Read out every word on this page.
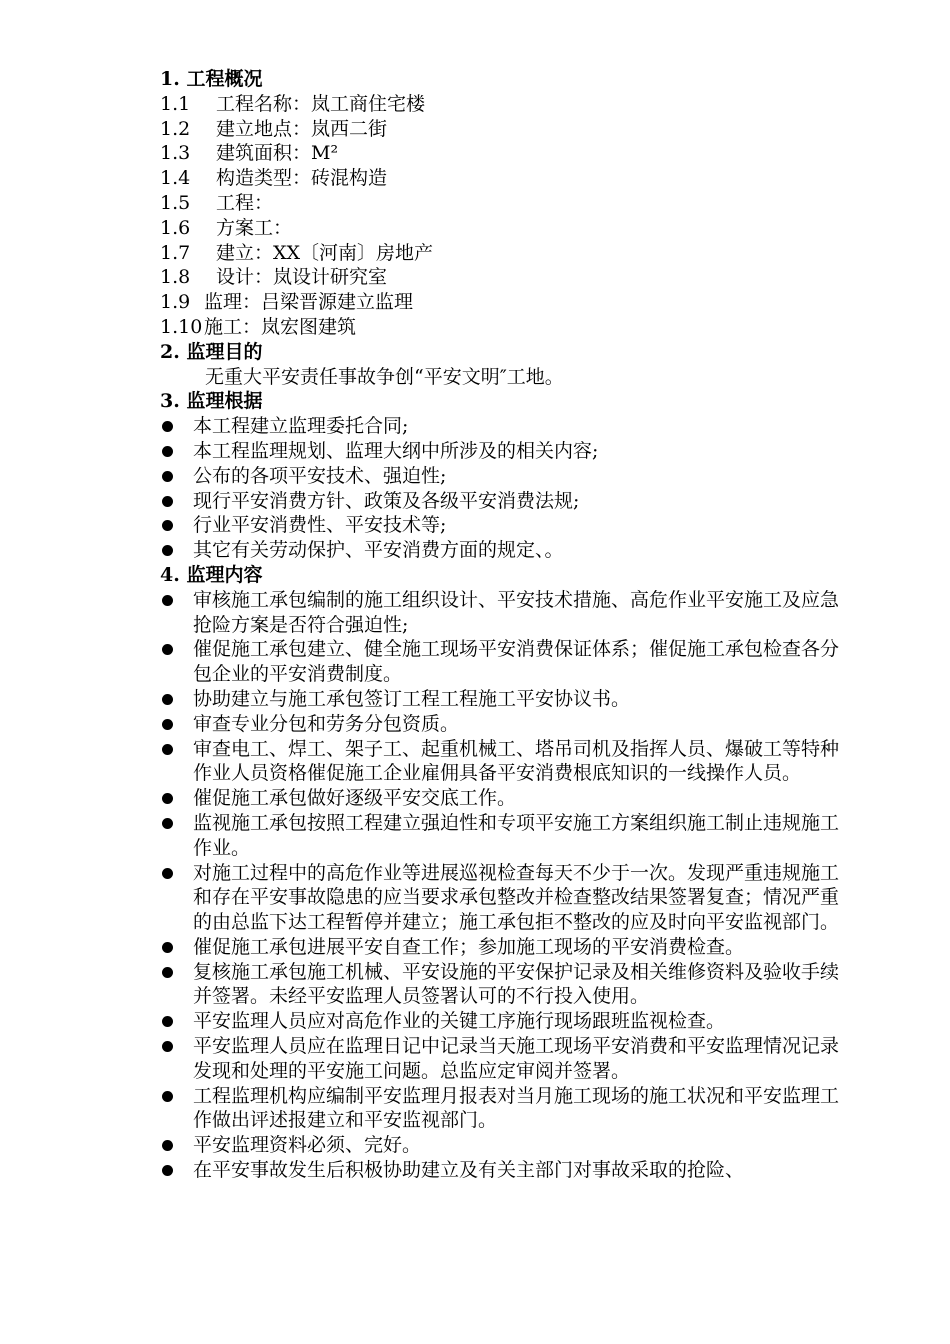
1. 工程概况
1.1	工程名称：岚工商住宅楼
1.2	建立地点：岚西二街
1.3	建筑面积：M²
1.4	构造类型：砖混构造
1.5	工程：
1.6	方案工：
1.7	建立：XX〔河南〕房地产
1.8	设计：岚设计研究室
1.9 监理：吕梁晋源建立监理
1.10 施工：岚宏图建筑
2. 监理目的
无重大平安责任事故争创“平安文明″工地。
3. 监理根据
本工程建立监理委托合同;
本工程监理规划、监理大纲中所涉及的相关内容;
公布的各项平安技术、强迫性;
现行平安消费方针、政策及各级平安消费法规;
行业平安消费性、平安技术等;
其它有关劳动保护、平安消费方面的规定、。
4. 监理内容
审核施工承包编制的施工组织设计、平安技术措施、高危作业平安施工及应急抢险方案是否符合强迫性;
催促施工承包建立、健全施工现场平安消费保证体系；催促施工承包检查各分包企业的平安消费制度。
协助建立与施工承包签订工程工程施工平安协议书。
审查专业分包和劳务分包资质。
审查电工、焊工、架子工、起重机械工、塔吊司机及指挥人员、爆破工等特种作业人员资格催促施工企业雇佣具备平安消费根底知识的一线操作人员。
催促施工承包做好逐级平安交底工作。
监视施工承包按照工程建立强迫性和专项平安施工方案组织施工制止违规施工作业。
对施工过程中的高危作业等进展巡视检查每天不少于一次。发现严重违规施工和存在平安事故隐患的应当要求承包整改并检查整改结果签署复查；情况严重的由总监下达工程暂停并建立；施工承包拒不整改的应及时向平安监视部门。
催促施工承包进展平安自查工作；参加施工现场的平安消费检查。
复核施工承包施工机械、平安设施的平安保护记录及相关维修资料及验收手续并签署。未经平安监理人员签署认可的不行投入使用。
平安监理人员应对高危作业的关键工序施行现场跟班监视检查。
平安监理人员应在监理日记中记录当天施工现场平安消费和平安监理情况记录发现和处理的平安施工问题。总监应定审阅并签署。
工程监理机构应编制平安监理月报表对当月施工现场的施工状况和平安监理工作做出评述报建立和平安监视部门。
平安监理资料必须、完好。
在平安事故发生后积极协助建立及有关主部门对事故采取的抢险、
